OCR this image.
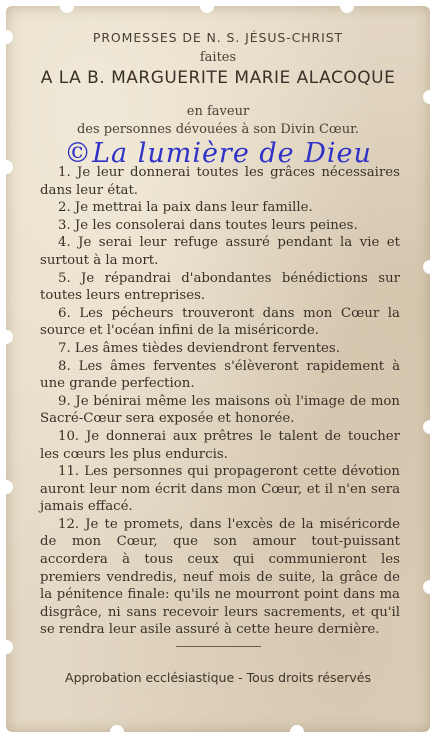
PROMESSES DE N. S. JÉSUS-CHRIST
faites
A LA B. MARGUERITE MARIE ALACOQUE
en faveur
des personnes dévouées à son Divin Cœur.
©La lumière de Dieu

1. Je leur donnerai toutes les grâces nécessaires dans leur état.

2. Je mettrai la paix dans leur famille.

3. Je les consolerai dans toutes leurs peines.

4. Je serai leur refuge assuré pendant la vie et surtout à la mort.

5. Je répandrai d'abondantes bénédictions sur toutes leurs entreprises.

6. Les pécheurs trouveront dans mon Cœur la source et l'océan infini de la miséricorde.

7. Les âmes tièdes deviendront ferventes.

8. Les âmes ferventes s'élèveront rapidement à une grande perfection.

9. Je bénirai même les maisons où l'image de mon Sacré-Cœur sera exposée et honorée.

10. Je donnerai aux prêtres le talent de toucher les cœurs les plus endurcis.

11. Les personnes qui propageront cette dévotion auront leur nom écrit dans mon Cœur, et il n'en sera jamais effacé.

12. Je te promets, dans l'excès de la miséricorde de mon Cœur, que son amour tout-puissant accordera à tous ceux qui communieront les premiers vendredis, neuf mois de suite, la grâce de la pénitence finale: qu'ils ne mourront point dans ma disgrâce, ni sans recevoir leurs sacrements, et qu'il se rendra leur asile assuré à cette heure dernière.

Approbation ecclésiastique - Tous droits réservés
